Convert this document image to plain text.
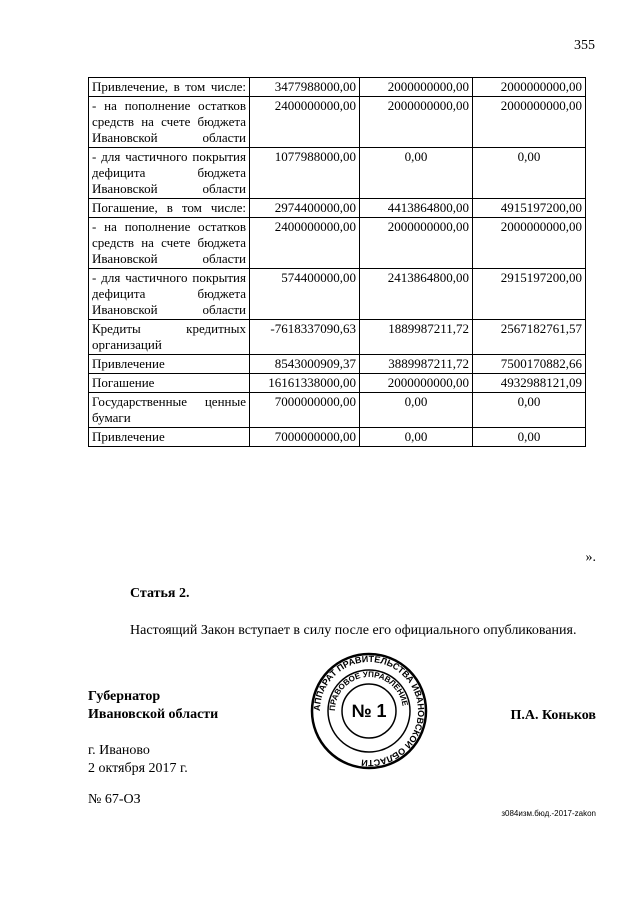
355
Привлечение, в том числе:	3477988000,00	2000000000,00	2000000000,00
- на пополнение остатков средств на счете бюджета Ивановской области	2400000000,00	2000000000,00	2000000000,00
- для частичного покрытия дефицита бюджета Ивановской области	1077988000,00	0,00	0,00
Погашение, в том числе:	2974400000,00	4413864800,00	4915197200,00
- на пополнение остатков средств на счете бюджета Ивановской области	2400000000,00	2000000000,00	2000000000,00
- для частичного покрытия дефицита бюджета Ивановской области	574400000,00	2413864800,00	2915197200,00
Кредиты кредитных организаций	-7618337090,63	1889987211,72	2567182761,57
Привлечение	8543000909,37	3889987211,72	7500170882,66
Погашение	16161338000,00	2000000000,00	4932988121,09
Государственные ценные бумаги	7000000000,00	0,00	0,00
Привлечение	7000000000,00	0,00	0,00
».
Статья 2.
Настоящий Закон вступает в силу после его официального опубликования.
Губернатор
Ивановской области	П.А. Коньков
АППАРАТ ПРАВИТЕЛЬСТВА ИВАНОВСКОЙ ОБЛАСТИ
ПРАВОВОЕ УПРАВЛЕНИЕ
№ 1
г. Иваново
2 октября 2017 г.
№ 67-ОЗ
з084изм.бюд.-2017-zakon
